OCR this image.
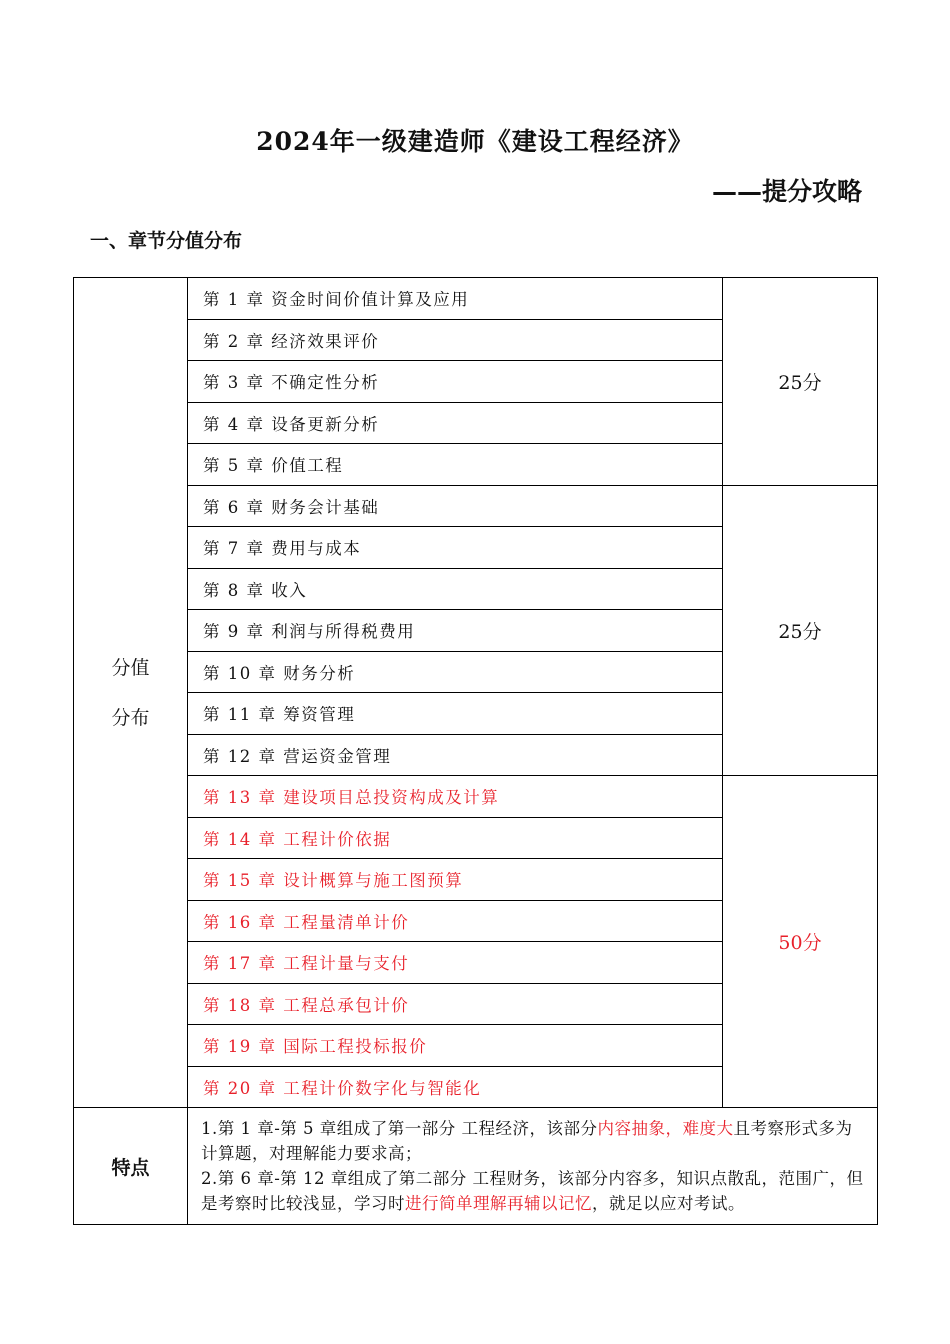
2024年一级建造师《建设工程经济》
——提分攻略
一、章节分值分布
分值
分布	第 1 章 资金时间价值计算及应用	25分
	第 2 章 经济效果评价	
	第 3 章 不确定性分析	
	第 4 章 设备更新分析	
	第 5 章 价值工程	
	第 6 章 财务会计基础	25分
	第 7 章 费用与成本	
	第 8 章 收入	
	第 9 章 利润与所得税费用	
	第 10 章 财务分析	
	第 11 章 筹资管理	
	第 12 章 营运资金管理	
	第 13 章 建设项目总投资构成及计算	50分
	第 14 章 工程计价依据	
	第 15 章 设计概算与施工图预算	
	第 16 章 工程量清单计价	
	第 17 章 工程计量与支付	
	第 18 章 工程总承包计价	
	第 19 章 国际工程投标报价	
	第 20 章 工程计价数字化与智能化	
特点	1.第 1 章-第 5 章组成了第一部分 工程经济，该部分内容抽象，难度大且考察形式多为计算题，对理解能力要求高；

2.第 6 章-第 12 章组成了第二部分 工程财务，该部分内容多，知识点散乱，范围广，但是考察时比较浅显，学习时进行简单理解再辅以记忆，就足以应对考试。	
